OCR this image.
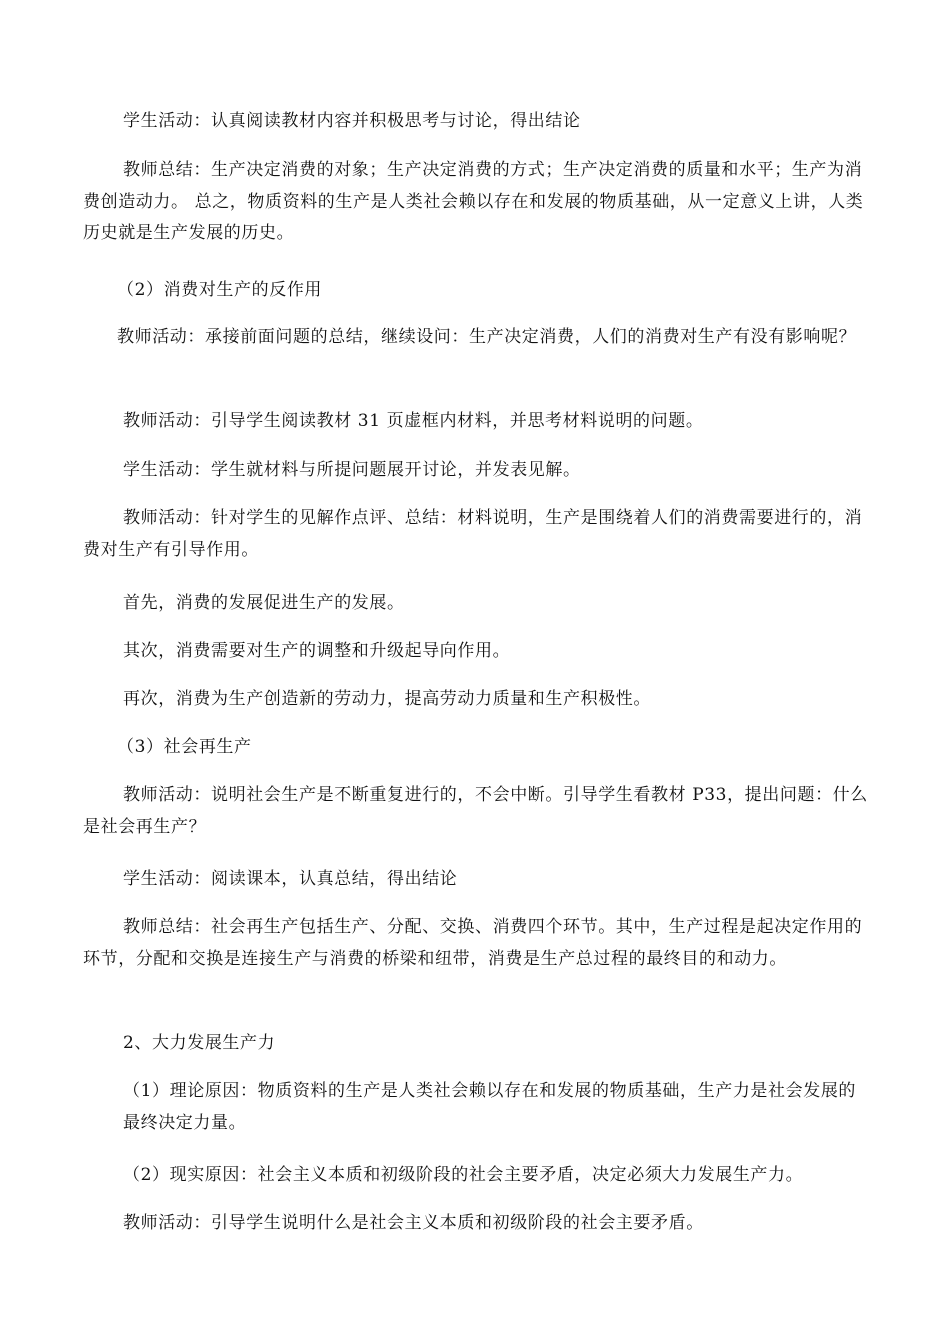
学生活动：认真阅读教材内容并积极思考与讨论，得出结论
教师总结：生产决定消费的对象；生产决定消费的方式；生产决定消费的质量和水平；生产为消费创造动力。 总之，物质资料的生产是人类社会赖以存在和发展的物质基础，从一定意义上讲，人类历史就是生产发展的历史。
（2）消费对生产的反作用
教师活动：承接前面问题的总结，继续设问：生产决定消费，人们的消费对生产有没有影响呢？
教师活动：引导学生阅读教材 31 页虚框内材料，并思考材料说明的问题。
学生活动：学生就材料与所提问题展开讨论，并发表见解。
教师活动：针对学生的见解作点评、总结：材料说明，生产是围绕着人们的消费需要进行的，消费对生产有引导作用。
首先，消费的发展促进生产的发展。
其次，消费需要对生产的调整和升级起导向作用。
再次，消费为生产创造新的劳动力，提高劳动力质量和生产积极性。
（3）社会再生产
教师活动：说明社会生产是不断重复进行的，不会中断。引导学生看教材 P33，提出问题：什么是社会再生产？
学生活动：阅读课本，认真总结，得出结论
教师总结：社会再生产包括生产、分配、交换、消费四个环节。其中，生产过程是起决定作用的环节，分配和交换是连接生产与消费的桥梁和纽带，消费是生产总过程的最终目的和动力。
2、大力发展生产力
（1）理论原因：物质资料的生产是人类社会赖以存在和发展的物质基础，生产力是社会发展的最终决定力量。
（2）现实原因：社会主义本质和初级阶段的社会主要矛盾，决定必须大力发展生产力。
教师活动：引导学生说明什么是社会主义本质和初级阶段的社会主要矛盾。
